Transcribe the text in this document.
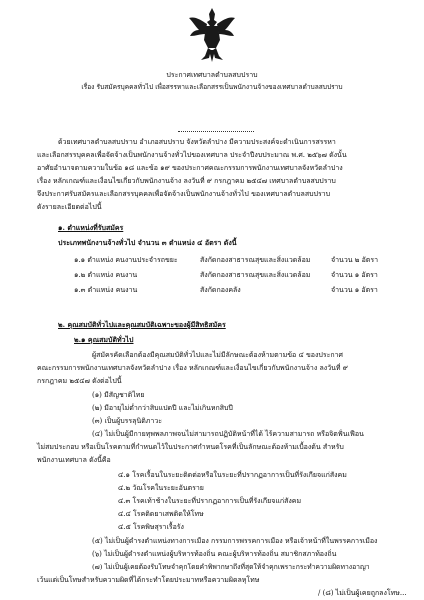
ประกาศเทศบาลตำบลสบปราบ
เรื่อง รับสมัครบุคคลทั่วไป เพื่อสรรหาและเลือกสรรเป็นพนักงานจ้างของเทศบาลตำบลสบปราบ
ด้วยเทศบาลตำบลสบปราบ อำเภอสบปราบ จังหวัดลำปาง มีความประสงค์จะดำเนินการสรรหา
และเลือกสรรบุคคลเพื่อจัดจ้างเป็นพนักงานจ้างทั่วไปของเทศบาล ประจำปีงบประมาณ พ.ศ. ๒๕๖๗ ดังนั้น
อาศัยอำนาจตามความในข้อ ๑๘ และข้อ ๑๙ ของประกาศคณะกรรมการพนักงานเทศบาลจังหวัดลำปาง
เรื่อง หลักเกณฑ์และเงื่อนไขเกี่ยวกับพนักงานจ้าง ลงวันที่ ๙ กรกฎาคม ๒๕๔๗ เทศบาลตำบลสบปราบ
จึงประกาศรับสมัครและเลือกสรรบุคคลเพื่อจัดจ้างเป็นพนักงานจ้างทั่วไป ของเทศบาลตำบลสบปราบ
ดังรายละเอียดต่อไปนี้
๑. ตำแหน่งที่รับสมัคร
ประเภทพนักงานจ้างทั่วไป จำนวน ๓ ตำแหน่ง ๔ อัตรา ดังนี้
๑.๑ ตำแหน่ง คนงานประจำรถขยะ	สังกัดกองสาธารณสุขและสิ่งแวดล้อม	จำนวน ๒ อัตรา
๑.๒ ตำแหน่ง คนงาน	สังกัดกองสาธารณสุขและสิ่งแวดล้อม	จำนวน ๑ อัตรา
๑.๓ ตำแหน่ง คนงาน	สังกัดกองคลัง	จำนวน ๑ อัตรา
๒. คุณสมบัติทั่วไปและคุณสมบัติเฉพาะของผู้มีสิทธิสมัคร
๒.๑ คุณสมบัติทั่วไป
ผู้สมัครคัดเลือกต้องมีคุณสมบัติทั่วไปและไม่มีลักษณะต้องห้ามตามข้อ ๔ ของประกาศ
คณะกรรมการพนักงานเทศบาลจังหวัดลำปาง เรื่อง หลักเกณฑ์และเงื่อนไขเกี่ยวกับพนักงานจ้าง ลงวันที่ ๙
กรกฎาคม ๒๕๔๗ ดังต่อไปนี้
(๑) มีสัญชาติไทย
(๒) มีอายุไม่ต่ำกว่าสิบแปดปี และไม่เกินหกสิบปี
(๓) เป็นผู้บรรลุนิติภาวะ
(๔) ไม่เป็นผู้มีกายทุพพลภาพจนไม่สามารถปฏิบัติหน้าที่ได้ ไร้ความสามารถ หรือจิตฟั่นเฟือน
ไม่สมประกอบ หรือเป็นโรคตามที่กำหนดไว้ในประกาศกำหนดโรคที่เป็นลักษณะต้องห้ามเบื้องต้น สำหรับ
พนักงานเทศบาล ดังนี้คือ
๔.๑ โรคเรื้อนในระยะติดต่อหรือในระยะที่ปรากฏอาการเป็นที่รังเกียจแก่สังคม
๔.๒ วัณโรคในระยะอันตราย
๔.๓ โรคเท้าช้างในระยะที่ปรากฏอาการเป็นที่รังเกียจแก่สังคม
๔.๔ โรคติดยาเสพติดให้โทษ
๔.๕ โรคพิษสุราเรื้อรัง
(๕) ไม่เป็นผู้ดำรงตำแหน่งทางการเมือง กรรมการพรรคการเมือง หรือเจ้าหน้าที่ในพรรคการเมือง
(๖) ไม่เป็นผู้ดำรงตำแหน่งผู้บริหารท้องถิ่น คณะผู้บริหารท้องถิ่น สมาชิกสภาท้องถิ่น
(๗) ไม่เป็นผู้เคยต้องรับโทษจำคุกโดยคำพิพากษาถึงที่สุดให้จำคุกเพราะกระทำความผิดทางอาญา
เว้นแต่เป็นโทษสำหรับความผิดที่ได้กระทำโดยประมาทหรือความผิดลหุโทษ
/ (๘) ไม่เป็นผู้เคยถูกลงโทษ...
